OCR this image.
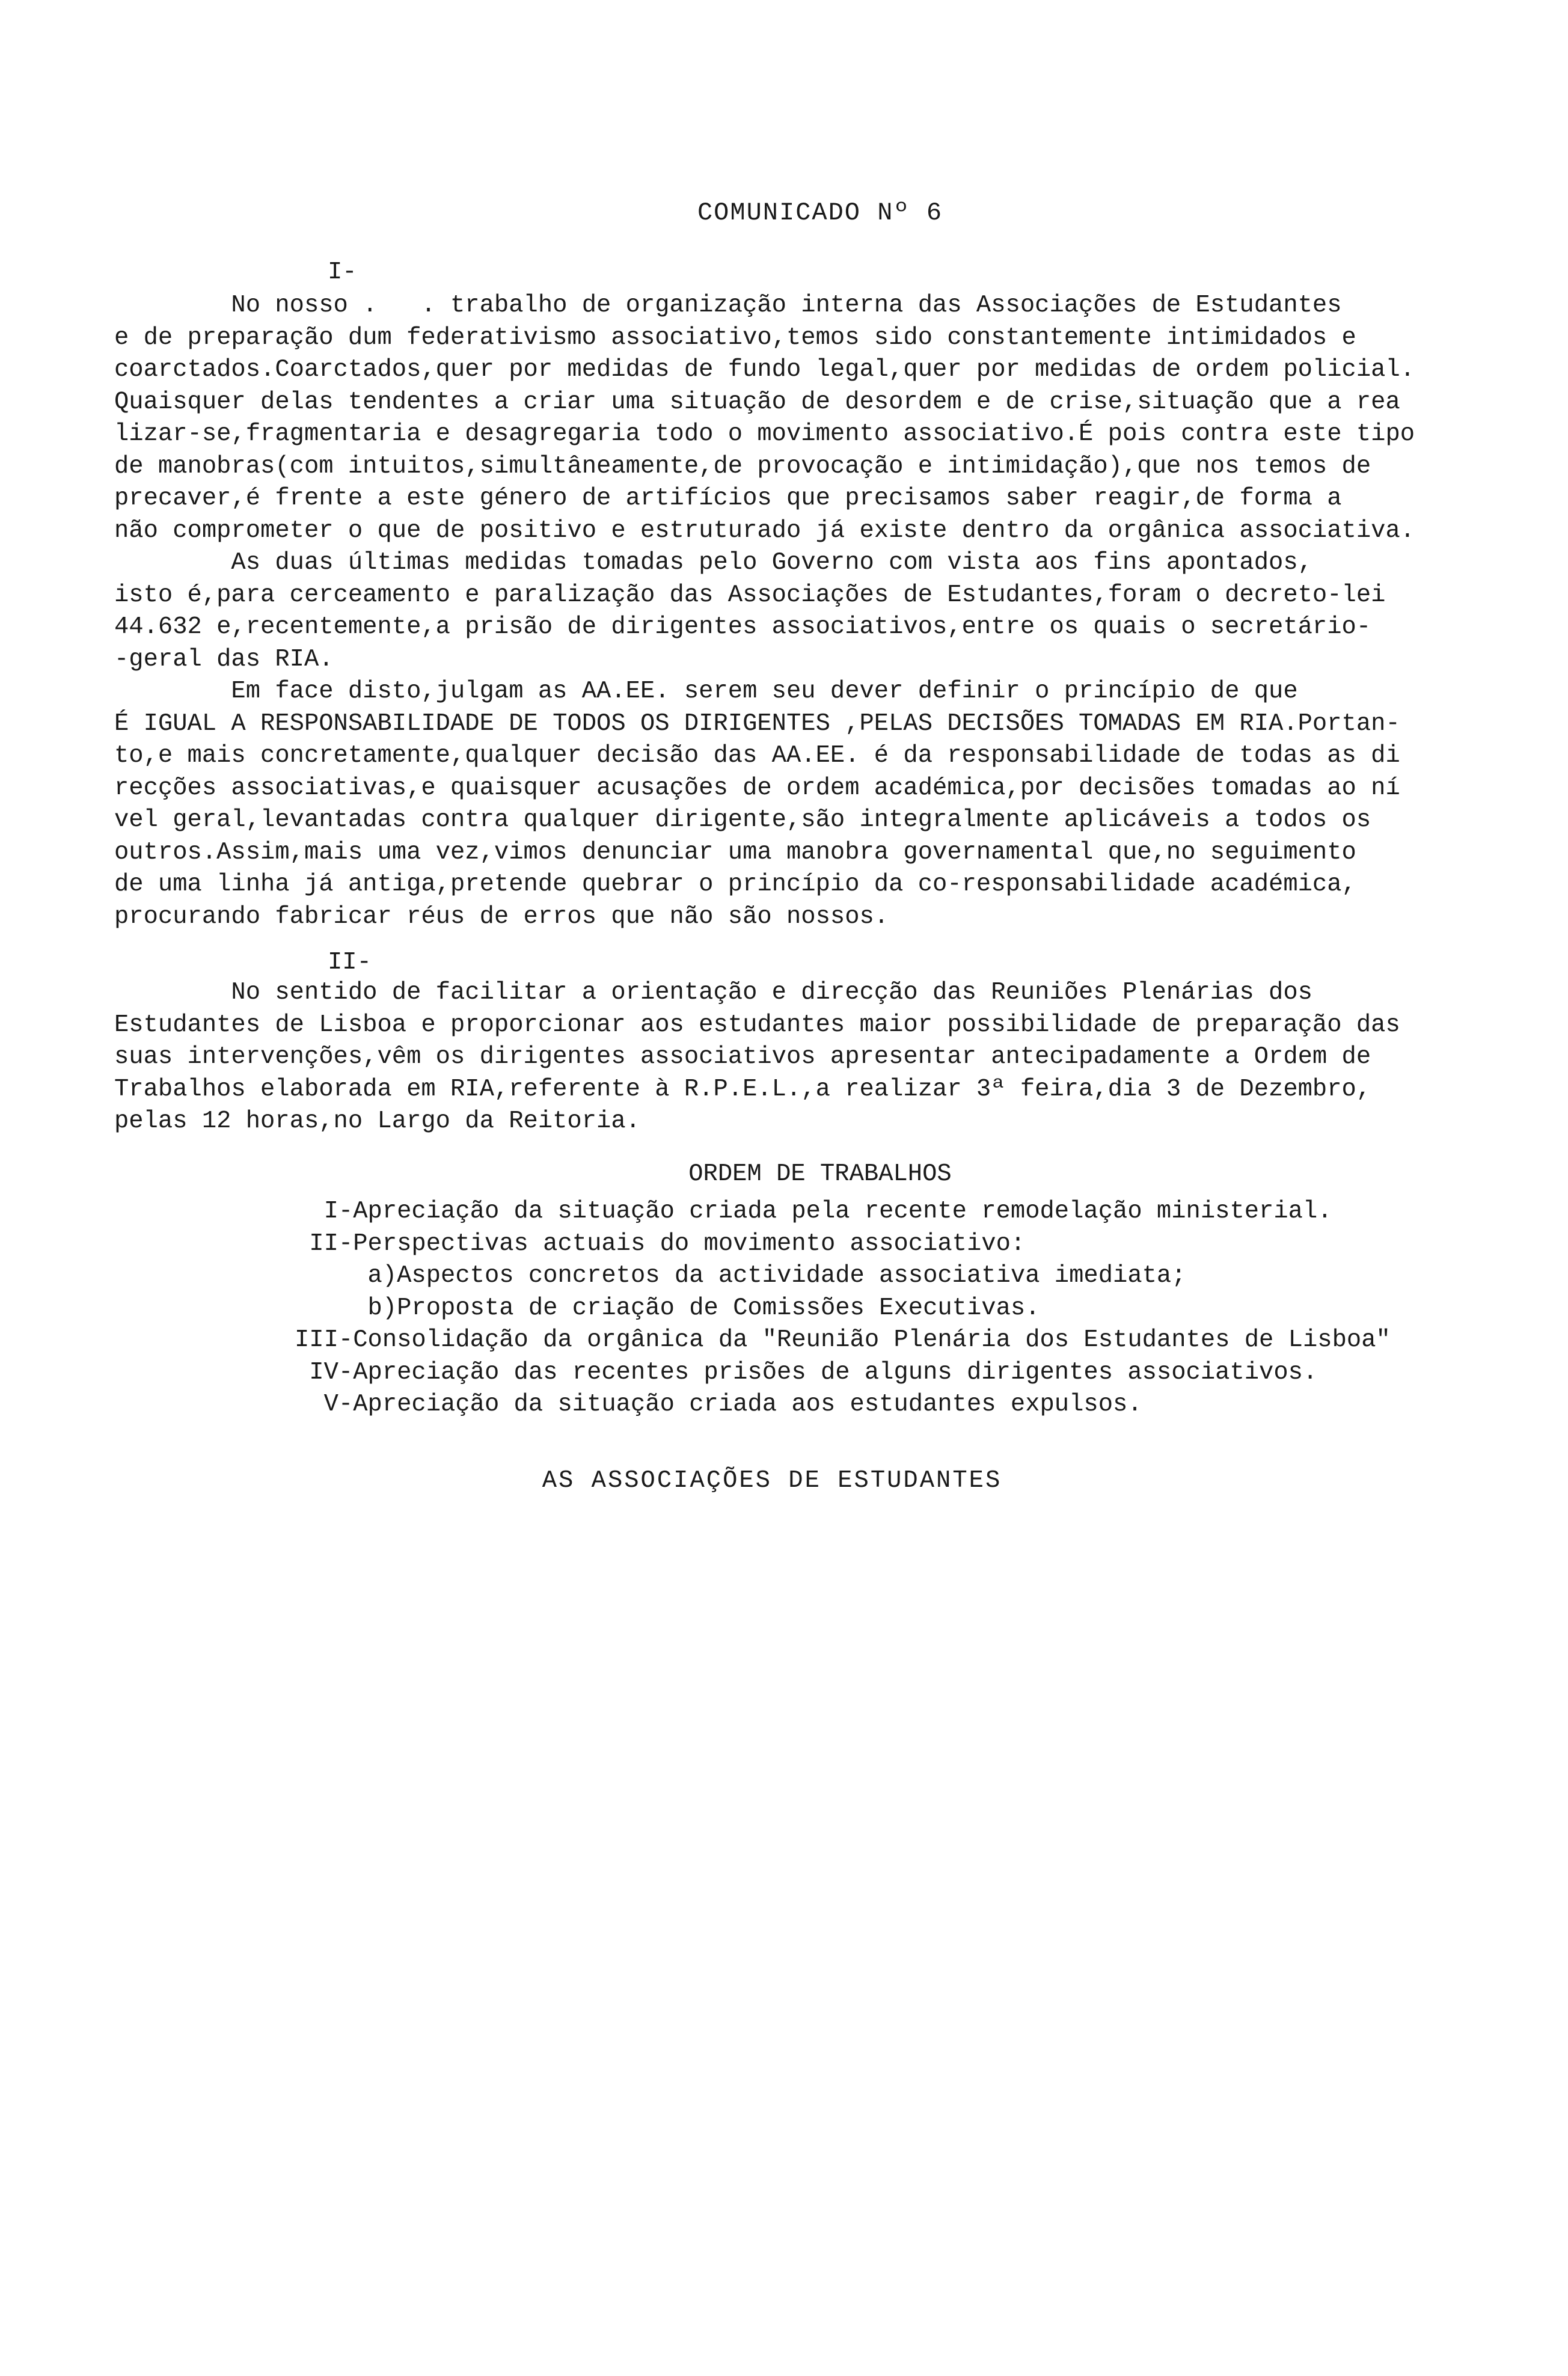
COMUNICADO Nº 6
I-
No nosso .   . trabalho de organização interna das Associações de Estudantes
e de preparação dum federativismo associativo,temos sido constantemente intimidados e
coarctados.Coarctados,quer por medidas de fundo legal,quer por medidas de ordem policial.
Quaisquer delas tendentes a criar uma situação de desordem e de crise,situação que a rea
lizar-se,fragmentaria e desagregaria todo o movimento associativo.É pois contra este tipo
de manobras(com intuitos,simultâneamente,de provocação e intimidação),que nos temos de
precaver,é frente a este género de artifícios que precisamos saber reagir,de forma a
não comprometer o que de positivo e estruturado já existe dentro da orgânica associativa.
As duas últimas medidas tomadas pelo Governo com vista aos fins apontados,
isto é,para cerceamento e paralização das Associações de Estudantes,foram o decreto-lei
44.632 e,recentemente,a prisão de dirigentes associativos,entre os quais o secretário-
-geral das RIA.
Em face disto,julgam as AA.EE. serem seu dever definir o princípio de que
É IGUAL A RESPONSABILIDADE DE TODOS OS DIRIGENTES ,PELAS DECISÕES TOMADAS EM RIA.Portan-
to,e mais concretamente,qualquer decisão das AA.EE. é da responsabilidade de todas as di
recções associativas,e quaisquer acusações de ordem académica,por decisões tomadas ao ní
vel geral,levantadas contra qualquer dirigente,são integralmente aplicáveis a todos os
outros.Assim,mais uma vez,vimos denunciar uma manobra governamental que,no seguimento
de uma linha já antiga,pretende quebrar o princípio da co-responsabilidade académica,
procurando fabricar réus de erros que não são nossos.
II-
No sentido de facilitar a orientação e direcção das Reuniões Plenárias dos
Estudantes de Lisboa e proporcionar aos estudantes maior possibilidade de preparação das
suas intervenções,vêm os dirigentes associativos apresentar antecipadamente a Ordem de
Trabalhos elaborada em RIA,referente à R.P.E.L.,a realizar 3ª feira,dia 3 de Dezembro,
pelas 12 horas,no Largo da Reitoria.
ORDEM DE TRABALHOS
I-Apreciação da situação criada pela recente remodelação ministerial.
II-Perspectivas actuais do movimento associativo:
a)Aspectos concretos da actividade associativa imediata;
b)Proposta de criação de Comissões Executivas.
III-Consolidação da orgânica da "Reunião Plenária dos Estudantes de Lisboa"
IV-Apreciação das recentes prisões de alguns dirigentes associativos.
V-Apreciação da situação criada aos estudantes expulsos.
AS ASSOCIAÇÕES DE ESTUDANTES
